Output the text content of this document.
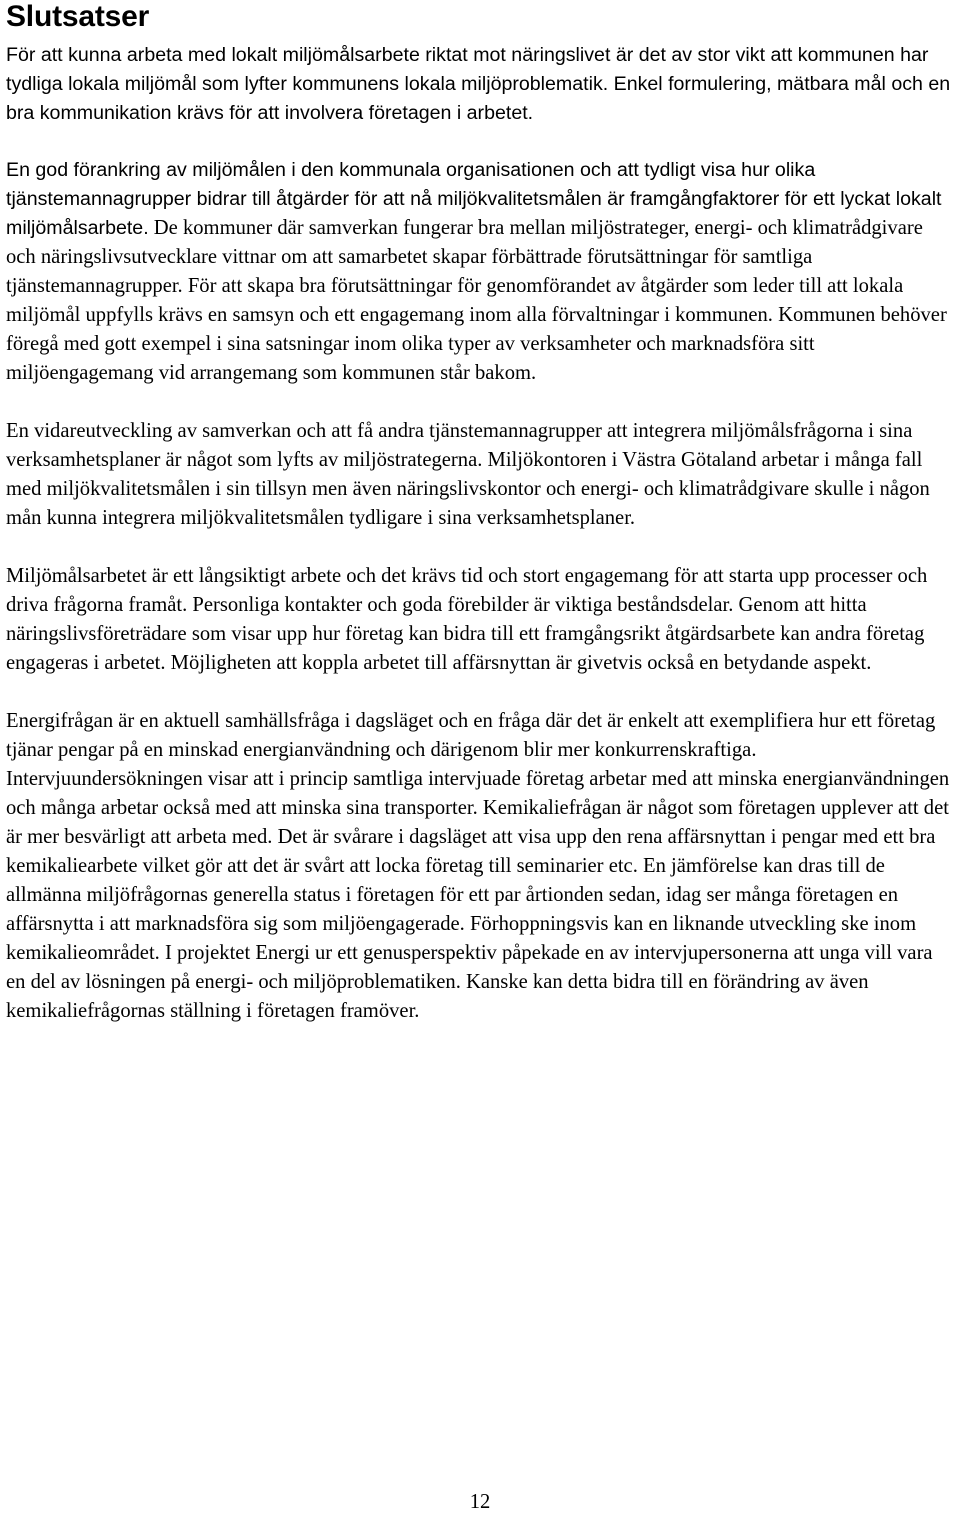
Slutsatser

För att kunna arbeta med lokalt miljömålsarbete riktat mot näringslivet är det av stor vikt att kommunen har tydliga lokala miljömål som lyfter kommunens lokala miljöproblematik. Enkel formulering, mätbara mål och en bra kommunikation krävs för att involvera företagen i arbetet.

En god förankring av miljömålen i den kommunala organisationen och att tydligt visa hur olika tjänstemannagrupper bidrar till åtgärder för att nå miljökvalitetsmålen är framgångfaktorer för ett lyckat lokalt miljömålsarbete. De kommuner där samverkan fungerar bra mellan miljöstrateger, energi- och klimatrådgivare och näringslivsutvecklare vittnar om att samarbetet skapar förbättrade förutsättningar för samtliga tjänstemannagrupper. För att skapa bra förutsättningar för genomförandet av åtgärder som leder till att lokala miljömål uppfylls krävs en samsyn och ett engagemang inom alla förvaltningar i kommunen. Kommunen behöver föregå med gott exempel i sina satsningar inom olika typer av verksamheter och marknadsföra sitt miljöengagemang vid arrangemang som kommunen står bakom.

En vidareutveckling av samverkan och att få andra tjänstemannagrupper att integrera miljömålsfrågorna i sina verksamhetsplaner är något som lyfts av miljöstrategerna. Miljökontoren i Västra Götaland arbetar i många fall med miljökvalitetsmålen i sin tillsyn men även näringslivskontor och energi- och klimatrådgivare skulle i någon mån kunna integrera miljökvalitetsmålen tydligare i sina verksamhetsplaner.

Miljömålsarbetet är ett långsiktigt arbete och det krävs tid och stort engagemang för att starta upp processer och driva frågorna framåt. Personliga kontakter och goda förebilder är viktiga beståndsdelar. Genom att hitta näringslivsföreträdare som visar upp hur företag kan bidra till ett framgångsrikt åtgärdsarbete kan andra företag engageras i arbetet. Möjligheten att koppla arbetet till affärsnyttan är givetvis också en betydande aspekt.

Energifrågan är en aktuell samhällsfråga i dagsläget och en fråga där det är enkelt att exemplifiera hur ett företag tjänar pengar på en minskad energianvändning och därigenom blir mer konkurrenskraftiga. Intervjuundersökningen visar att i princip samtliga intervjuade företag arbetar med att minska energianvändningen och många arbetar också med att minska sina transporter. Kemikaliefrågan är något som företagen upplever att det är mer besvärligt att arbeta med. Det är svårare i dagsläget att visa upp den rena affärsnyttan i pengar med ett bra kemikaliearbete vilket gör att det är svårt att locka företag till seminarier etc. En jämförelse kan dras till de allmänna miljöfrågornas generella status i företagen för ett par årtionden sedan, idag ser många företagen en affärsnytta i att marknadsföra sig som miljöengagerade. Förhoppningsvis kan en liknande utveckling ske inom kemikalieområdet. I projektet Energi ur ett genusperspektiv påpekade en av intervjupersonerna att unga vill vara en del av lösningen på energi- och miljöproblematiken. Kanske kan detta bidra till en förändring av även kemikaliefrågornas ställning i företagen framöver.

12
